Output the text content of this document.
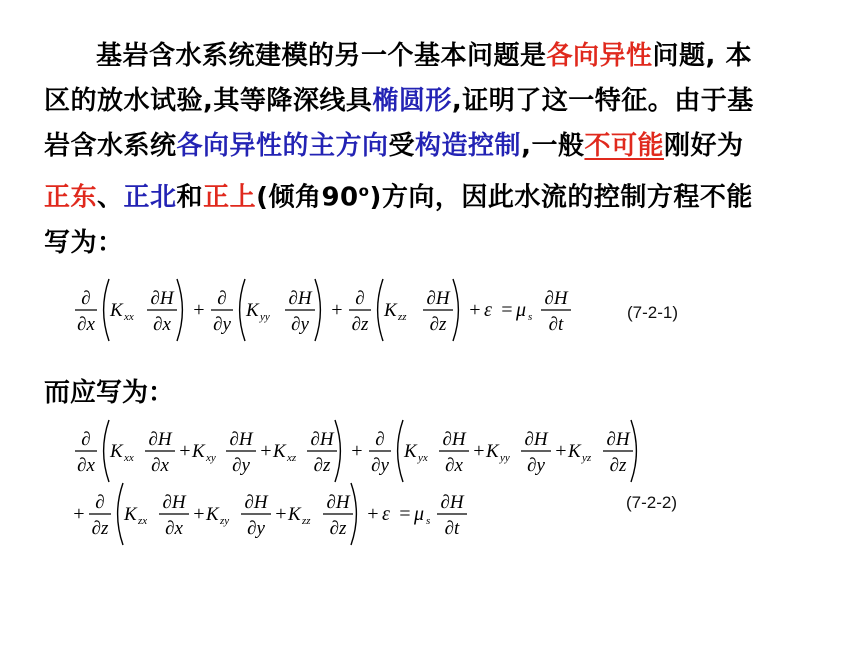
基岩含水系统建模的另一个基本问题是各向异性问题, 本
区的放水试验,其等降深线具椭圆形,证明了这一特征。由于基
岩含水系统各向异性的主方向受构造控制,一般不可能刚好为
正东、正北和正上(倾角90$^o$)方向，因此水流的控制方程不能
写为：
而应写为：
(7-2-1)
(7-2-2)
∂
∂x
K xx
∂H
∂x
+
∂
∂y
K yy
∂H
∂y
+
∂
∂z
K zz
∂H
∂z
+ ε = μ s
∂H
∂t
∂
∂x
K xx
∂H
∂x
+ K xy
∂H
∂y
+ K xz
∂H
∂z
+
∂
∂y
K yx
∂H
∂x
+ K yy
∂H
∂y
+ K yz
∂H
∂z
+
∂
∂z
K zx
∂H
∂x
+ K zy
∂H
∂y
+ K zz
∂H
∂z
+ ε = μ s
∂H
∂t
